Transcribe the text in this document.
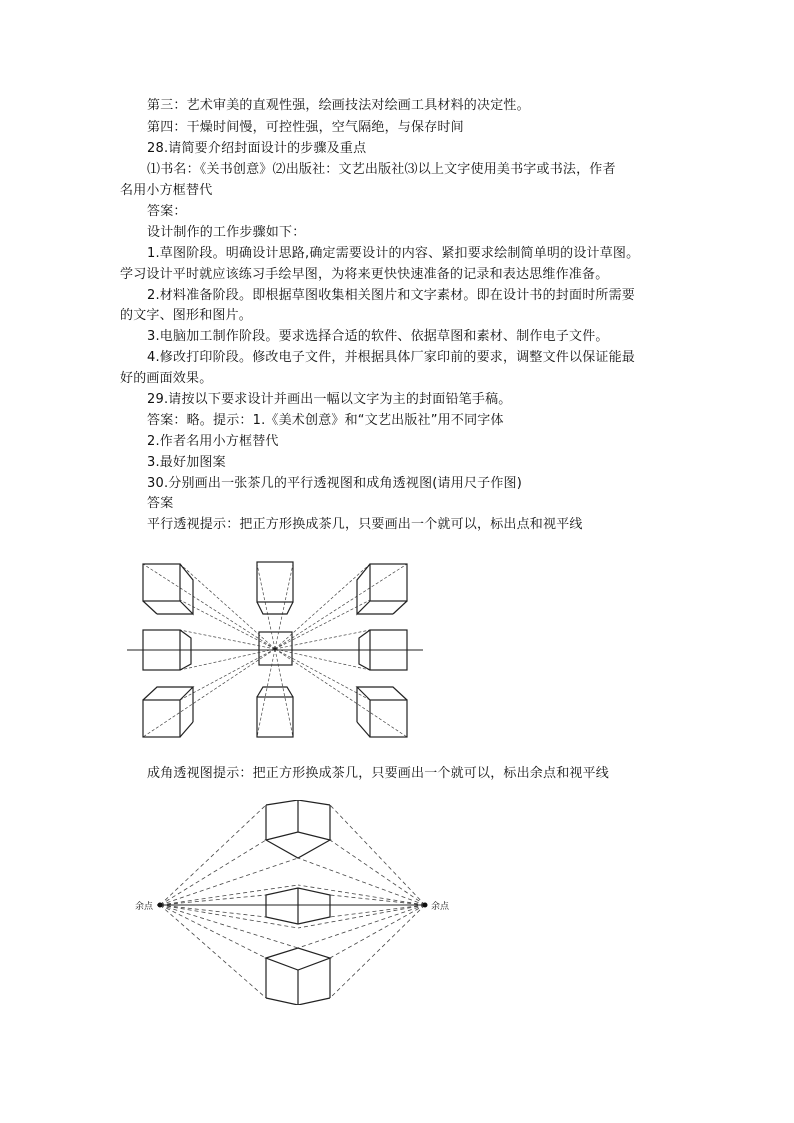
第三：艺术审美的直观性强，绘画技法对绘画工具材料的决定性。
第四：干燥时间慢，可控性强，空气隔绝，与保存时间
28.请简要介绍封面设计的步骤及重点
⑴书名：《关书创意》⑵出版社：文艺出版社⑶以上文字使用美书字或书法，作者
名用小方框替代
答案：
设计制作的工作步骤如下：
1.草图阶段。明确设计思路,确定需要设计的内容、紧扣要求绘制简单明的设计草图。
学习设计平时就应该练习手绘早图，为将来更快快速准备的记录和表达思维作准备。
2.材料准备阶段。即根据草图收集相关图片和文字素材。即在设计书的封面时所需要
的文字、图形和图片。
3.电脑加工制作阶段。要求选择合适的软件、依据草图和素材、制作电子文件。
4.修改打印阶段。修改电子文件，并根据具体厂家印前的要求，调整文件以保证能最
好的画面效果。
29.请按以下要求设计并画出一幅以文字为主的封面铅笔手稿。
答案：略。提示：1.《美术创意》和“文艺出版社”用不同字体
2.作者名用小方框替代
3.最好加图案
30.分别画出一张茶几的平行透视图和成角透视图(请用尺子作图)
答案
平行透视提示：把正方形换成茶几，只要画出一个就可以，标出点和视平线
成角透视图提示：把正方形换成茶几，只要画出一个就可以，标出余点和视平线
余点	余点
